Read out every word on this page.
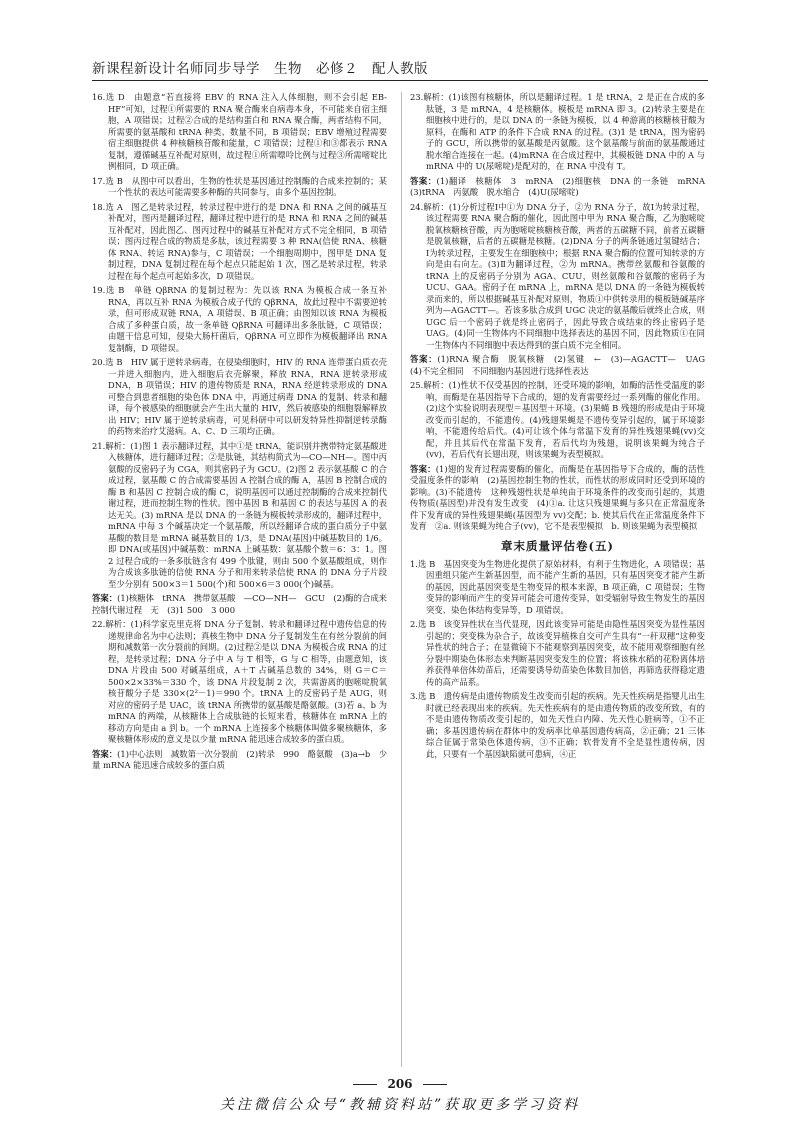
新课程新设计名师同步导学　生物　必修２　配人教版

16.选 D　由题意“若直接将 EBV 的 RNA 注入人体细胞，则不会引起 EB-HF”可知，过程①所需要的 RNA 聚合酶来自病毒本身，不可能来自宿主细胞，A 项错误；过程②合成的是结构蛋白和 RNA 聚合酶，两者结构不同，所需要的氨基酸和 tRNA 种类、数量不同，B 项错误；EBV 增殖过程需要宿主细胞提供 4 种核糖核苷酸和能量，C 项错误；过程①和③都表示 RNA 复制，遵循碱基互补配对原则，故过程①所需嘌呤比例与过程③所需嘧啶比例相同，D 项正确。

17.选 B　从图中可以看出，生物的性状是基因通过控制酶的合成来控制的；某一个性状的表达可能需要多种酶的共同参与，由多个基因控制。

18.选 A　图乙是转录过程，转录过程中进行的是 DNA 和 RNA 之间的碱基互补配对，图丙是翻译过程，翻译过程中进行的是 RNA 和 RNA 之间的碱基互补配对，因此图乙、图丙过程中的碱基互补配对方式不完全相同，B 项错误；图丙过程合成的物质是多肽，该过程需要 3 种 RNA(信使 RNA、核糖体 RNA、转运 RNA)参与，C 项错误；一个细胞周期中，图甲是 DNA 复制过程，DNA 复制过程在每个起点只能起始 1 次，图乙是转录过程，转录过程在每个起点可起始多次，D 项错误。

19.选 B　单链 QβRNA 的复制过程为：先以该 RNA 为模板合成一条互补 RNA，再以互补 RNA 为模板合成子代的 QβRNA，故此过程中不需要逆转录，但可形成双链 RNA，A 项错误、B 项正确；由图知以该 RNA 为模板合成了多种蛋白质，故一条单链 QβRNA 可翻译出多条肽链，C 项错误；由题干信息可知，侵染大肠杆菌后，QβRNA 可立即作为模板翻译出 RNA 复制酶，D 项错误。

20.选 B　HIV 属于逆转录病毒，在侵染细胞时，HIV 的 RNA 连带蛋白质衣壳一并进入细胞内，进入细胞后衣壳解聚，释放 RNA，RNA 逆转录形成 DNA，B 项错误；HIV 的遗传物质是 RNA，RNA 经逆转录形成的 DNA 可整合到患者细胞的染色体 DNA 中，再通过病毒 DNA 的复制、转录和翻译，每个被感染的细胞就会产生出大量的 HIV，然后被感染的细胞裂解释放出 HIV；HIV 属于逆转录病毒，可见科研中可以研发特异性抑制逆转录酶的药物来治疗艾滋病。A、C、D 三项均正确。

21.解析：(1)图 1 表示翻译过程，其中①是 tRNA，能识别并携带特定氨基酸进入核糖体，进行翻译过程；②是肽链，其结构简式为—CO—NH—。图中丙氨酸的反密码子为 CGA，则其密码子为 GCU。(2)图 2 表示氨基酸 C 的合成过程，氨基酸 C 的合成需要基因 A 控制合成的酶 A，基因 B 控制合成的酶 B 和基因 C 控制合成的酶 C，说明基因可以通过控制酶的合成来控制代谢过程，进而控制生物的性状。图中基因 B 和基因 C 的表达与基因 A 的表达无关。(3) mRNA 是以 DNA 的一条链为模板转录形成的，翻译过程中，mRNA 中每 3 个碱基决定一个氨基酸，所以经翻译合成的蛋白质分子中氨基酸的数目是 mRNA 碱基数目的 1/3，是 DNA(基因)中碱基数目的 1/6。即 DNA(或基因)中碱基数：mRNA 上碱基数：氨基酸个数＝6：3：1。图 2 过程合成的一条多肽链含有 499 个肽键，则由 500 个氨基酸组成，则作为合成该多肽链的信使 RNA 分子和用来转录信使 RNA 的 DNA 分子片段至少分别有 500×3＝1 500(个)和 500×6＝3 000(个)碱基。

答案：(1)核糖体　tRNA　携带氨基酸　—CO—NH—　GCU　(2)酶的合成来控制代谢过程　无　(3)1 500　3 000

22.解析：(1)科学家克里克将 DNA 分子复制、转录和翻译过程中遗传信息的传递规律命名为中心法则；真核生物中 DNA 分子复制发生在有丝分裂前的间期和减数第一次分裂前的间期。(2)过程②是以 DNA 为模板合成 RNA 的过程，是转录过程；DNA 分子中 A 与 T 相等，G 与 C 相等，由题意知，该 DNA 片段由 500 对碱基组成，A＋T 占碱基总数的 34%，则 G＝C＝500×2×33%＝330 个，该 DNA 片段复制 2 次，共需游离的胞嘧啶脱氧核苷酸分子是 330×(2²－1)＝990 个。tRNA 上的反密码子是 AUG，则对应的密码子是 UAC，该 tRNA 所携带的氨基酸是酪氨酸。(3)若 a、b 为 mRNA 的两端，从核糖体上合成肽链的长短来看，核糖体在 mRNA 上的移动方向是由 a 到 b。一个 mRNA 上连接多个核糖体叫做多聚核糖体，多聚核糖体形成的意义是以少量 mRNA 能迅速合成较多的蛋白质。

答案：(1)中心法则　减数第一次分裂前　(2)转录　990　酪氨酸　(3)a→b　少量 mRNA 能迅速合成较多的蛋白质

23.解析：(1)该图有核糖体，所以是翻译过程。1 是 tRNA，2 是正在合成的多肽链，3 是 mRNA，4 是核糖体。模板是 mRNA 即 3。(2)转录主要是在细胞核中进行的，是以 DNA 的一条链为模板，以 4 种游离的核糖核苷酸为原料，在酶和 ATP 的条件下合成 RNA 的过程。(3)1 是 tRNA，图为密码子的 GCU，所以携带的氨基酸是丙氨酸。这个氨基酸与前面的氨基酸通过脱水缩合连接在一起。(4)mRNA 在合成过程中，其模板链 DNA 中的 A 与 mRNA 中的 U(尿嘧啶)是配对的，在 RNA 中没有 T。

答案：(1)翻译　核糖体　3　mRNA　(2)细胞核　DNA 的一条链　mRNA　(3)tRNA　丙氨酸　脱水缩合　(4)U(尿嘧啶)

24.解析：(1)分析过程Ⅰ中①为 DNA 分子，②为 RNA 分子，故Ⅰ为转录过程，该过程需要 RNA 聚合酶的催化，因此图中甲为 RNA 聚合酶，乙为胞嘧啶脱氧核糖核苷酸，丙为胞嘧啶核糖核苷酸，两者的五碳糖不同，前者五碳糖是脱氧核糖，后者的五碳糖是核糖。(2)DNA 分子的两条链通过氢键结合；Ⅰ为转录过程，主要发生在细胞核中；根据 RNA 聚合酶的位置可知转录的方向是由右向左。(3)Ⅱ为翻译过程，②为 mRNA。携带丝氨酸和谷氨酸的 tRNA 上的反密码子分别为 AGA、CUU，则丝氨酸和谷氨酸的密码子为 UCU、GAA。密码子在 mRNA 上，mRNA 是以 DNA 的一条链为模板转录而来的，所以根据碱基互补配对原则，物质①中供转录用的模板链碱基序列为—AGACTT—。若该多肽合成到 UGC 决定的氨基酸后就终止合成，则 UGC 后一个密码子就是终止密码子，因此导致合成结束的终止密码子是 UAG。(4)同一生物体内不同细胞中选择表达的基因不同，因此物质①在同一生物体内不同细胞中表达得到的蛋白质不完全相同。

答案：(1)RNA 聚合酶　脱氧核糖　(2)氢键　←　(3)—AGACTT—　UAG　(4)不完全相同　不同细胞内基因进行选择性表达

25.解析：(1)性状不仅受基因的控制，还受环境的影响，如酶的活性受温度的影响，而酶是在基因指导下合成的，翅的发育需要经过一系列酶的催化作用。(2)这个实验说明表现型＝基因型＋环境。(3)果蝇 B 残翅的形成是由于环境改变而引起的，不能遗传。(4)残翅果蝇是不遗传变异引起的，属于环境影响，不能遗传给后代。(4)可让该个体与常温下发育的异性残翅果蝇(vv)交配，并且其后代在常温下发育，若后代均为残翅，说明该果蝇为纯合子(vv)，若后代有长翅出现，则该果蝇为表型模拟。

答案：(1)翅的发育过程需要酶的催化，而酶是在基因指导下合成的，酶的活性受温度条件的影响　(2)基因控制生物的性状，而性状的形成同时还受到环境的影响。(3)不能遗传　这种残翅性状是单纯由于环境条件的改变而引起的，其遗传物质(基因型)并没有发生改变　(4)①a. 让这只残翅果蝇与多只在正常温度条件下发育成的异性残翅果蝇(基因型为 vv)交配；b. 使其后代在正常温度条件下发育　②a. 则该果蝇为纯合子(vv)，它不是表型模拟　b. 则该果蝇为表型模拟

章末质量评估卷(五)

1.选 B　基因突变为生物进化提供了原始材料，有利于生物进化，A 项错误；基因重组只能产生新基因型，而不能产生新的基因，只有基因突变才能产生新的基因，因此基因突变是生物变异的根本来源，B 项正确，C 项错误；生物变异的影响而产生的变异可能会可遗传变异，如受辐射导致生物发生的基因突变、染色体结构变异等，D 项错误。

2.选 B　该变异性状在当代显现，因此该变异可能是由隐性基因突变为显性基因引起的；突变株为杂合子，故该变异植株自交可产生具有“一秆双穗”这种变异性状的纯合子；在显微镜下不能观察到基因突变，故不能用观察细胞有丝分裂中期染色体形态来判断基因突变发生的位置；将该株水稻的花粉离体培养获得单倍体幼苗后，还需要诱导幼苗染色体数目加倍，再筛选获得稳定遗传的高产品系。

3.选 B　遗传病是由遗传物质发生改变而引起的疾病。先天性疾病是指婴儿出生时就已经表现出来的疾病。先天性疾病有的是由遗传物质的改变所致，有的不是由遗传物质改变引起的，如先天性白内障、先天性心脏病等，①不正确；多基因遗传病在群体中的发病率比单基因遗传病高，②正确；21 三体综合征属于常染色体遗传病，③不正确；软骨发育不全是显性遗传病，因此，只要有一个基因缺陷就可患病，④正

206
关注微信公众号“教辅资料站”获取更多学习资料
